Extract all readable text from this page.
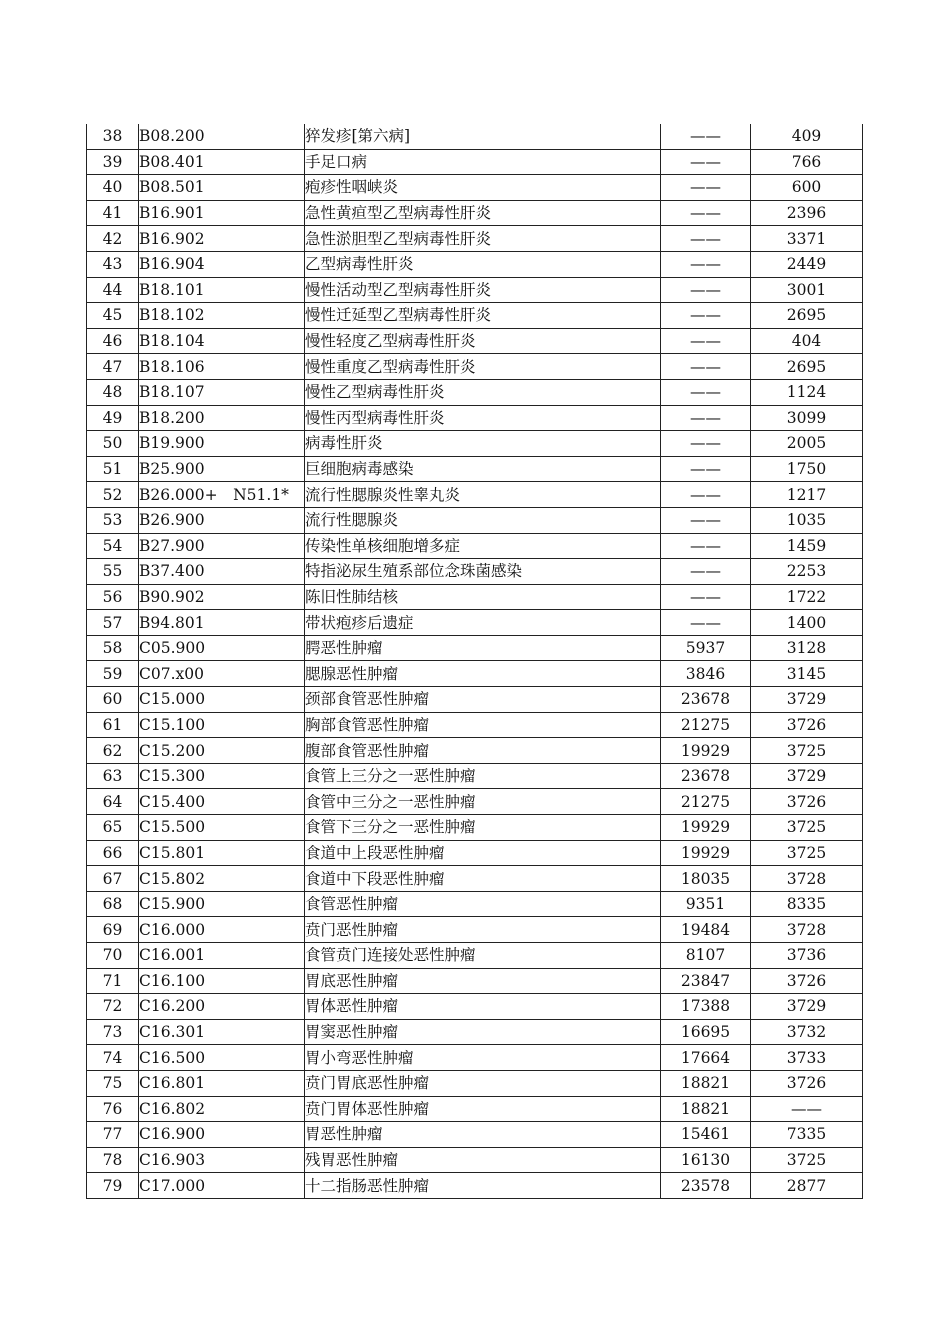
38	B08.200	猝发疹[第六病]	——	409
39	B08.401	手足口病	——	766
40	B08.501	疱疹性咽峡炎	——	600
41	B16.901	急性黄疸型乙型病毒性肝炎	——	2396
42	B16.902	急性淤胆型乙型病毒性肝炎	——	3371
43	B16.904	乙型病毒性肝炎	——	2449
44	B18.101	慢性活动型乙型病毒性肝炎	——	3001
45	B18.102	慢性迁延型乙型病毒性肝炎	——	2695
46	B18.104	慢性轻度乙型病毒性肝炎	——	404
47	B18.106	慢性重度乙型病毒性肝炎	——	2695
48	B18.107	慢性乙型病毒性肝炎	——	1124
49	B18.200	慢性丙型病毒性肝炎	——	3099
50	B19.900	病毒性肝炎	——	2005
51	B25.900	巨细胞病毒感染	——	1750
52	B26.000+　N51.1*	流行性腮腺炎性睾丸炎	——	1217
53	B26.900	流行性腮腺炎	——	1035
54	B27.900	传染性单核细胞增多症	——	1459
55	B37.400	特指泌尿生殖系部位念珠菌感染	——	2253
56	B90.902	陈旧性肺结核	——	1722
57	B94.801	带状疱疹后遗症	——	1400
58	C05.900	腭恶性肿瘤	5937	3128
59	C07.x00	腮腺恶性肿瘤	3846	3145
60	C15.000	颈部食管恶性肿瘤	23678	3729
61	C15.100	胸部食管恶性肿瘤	21275	3726
62	C15.200	腹部食管恶性肿瘤	19929	3725
63	C15.300	食管上三分之一恶性肿瘤	23678	3729
64	C15.400	食管中三分之一恶性肿瘤	21275	3726
65	C15.500	食管下三分之一恶性肿瘤	19929	3725
66	C15.801	食道中上段恶性肿瘤	19929	3725
67	C15.802	食道中下段恶性肿瘤	18035	3728
68	C15.900	食管恶性肿瘤	9351	8335
69	C16.000	贲门恶性肿瘤	19484	3728
70	C16.001	食管贲门连接处恶性肿瘤	8107	3736
71	C16.100	胃底恶性肿瘤	23847	3726
72	C16.200	胃体恶性肿瘤	17388	3729
73	C16.301	胃窦恶性肿瘤	16695	3732
74	C16.500	胃小弯恶性肿瘤	17664	3733
75	C16.801	贲门胃底恶性肿瘤	18821	3726
76	C16.802	贲门胃体恶性肿瘤	18821	——
77	C16.900	胃恶性肿瘤	15461	7335
78	C16.903	残胃恶性肿瘤	16130	3725
79	C17.000	十二指肠恶性肿瘤	23578	2877
